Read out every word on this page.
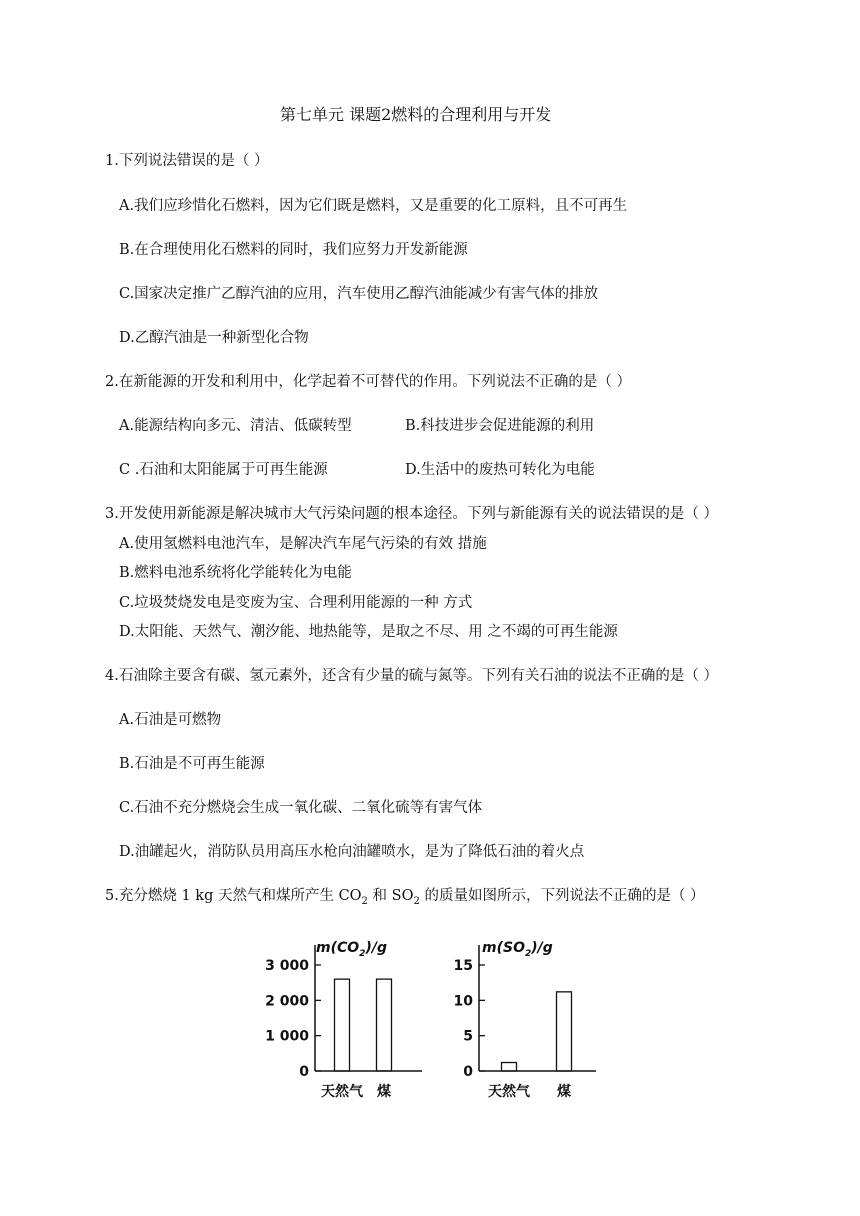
第七单元 课题2燃料的合理利用与开发
1.下列说法错误的是（ ）
A.我们应珍惜化石燃料，因为它们既是燃料，又是重要的化工原料，且不可再生
B.在合理使用化石燃料的同时，我们应努力开发新能源
C.国家决定推广乙醇汽油的应用，汽车使用乙醇汽油能减少有害气体的排放
D.乙醇汽油是一种新型化合物
2.在新能源的开发和利用中，化学起着不可替代的作用。下列说法不正确的是（ ）
A.能源结构向多元、清洁、低碳转型	B.科技进步会促进能源的利用
C .石油和太阳能属于可再生能源	D.生活中的废热可转化为电能
3.开发使用新能源是解决城市大气污染问题的根本途径。下列与新能源有关的说法错误的是（ ）
A.使用氢燃料电池汽车，是解决汽车尾气污染的有效 措施
B.燃料电池系统将化学能转化为电能
C.垃圾焚烧发电是变废为宝、合理利用能源的一种 方式
D.太阳能、天然气、潮汐能、地热能等，是取之不尽、用 之不竭的可再生能源
4.石油除主要含有碳、氢元素外，还含有少量的硫与氮等。下列有关石油的说法不正确的是（ ）
A.石油是可燃物
B.石油是不可再生能源
C.石油不充分燃烧会生成一氧化碳、二氧化硫等有害气体
D.油罐起火，消防队员用高压水枪向油罐喷水，是为了降低石油的着火点
5.充分燃烧 1 kg 天然气和煤所产生 $CO_2$ 和 $SO_2$ 的质量如图所示，下列说法不正确的是（ ）
$m(CO_2)/g$
0
1 000
2 000
3 000
天然气 煤
$m(SO_2)/g$
0
5
10
15
天然气 煤
